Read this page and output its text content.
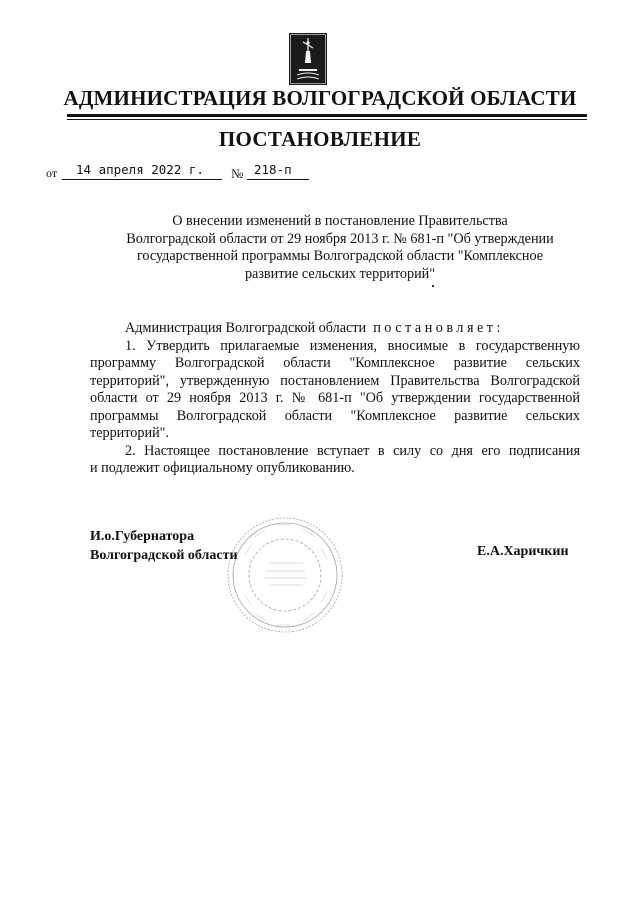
АДМИНИСТРАЦИЯ ВОЛГОГРАДСКОЙ ОБЛАСТИ
ПОСТАНОВЛЕНИЕ
от	14 апреля 2022 г.	№ 218-п
О внесении изменений в постановление Правительства
Волгоградской области от 29 ноября 2013 г. № 681-п "Об утверждении
государственной программы Волгоградской области "Комплексное
развитие сельских территорий"
Администрация Волгоградской области постановляет:
1. Утвердить прилагаемые изменения, вносимые в государственную
программу Волгоградской области "Комплексное развитие сельских
территорий", утвержденную постановлением Правительства Волгоградской
области от 29 ноября 2013 г. № 681-п "Об утверждении государственной
программы Волгоградской области "Комплексное развитие сельских
территорий".
2. Настоящее постановление вступает в силу со дня его подписания
и подлежит официальному опубликованию.
И.о.Губернатора
Волгоградской области	Е.А.Харичкин
